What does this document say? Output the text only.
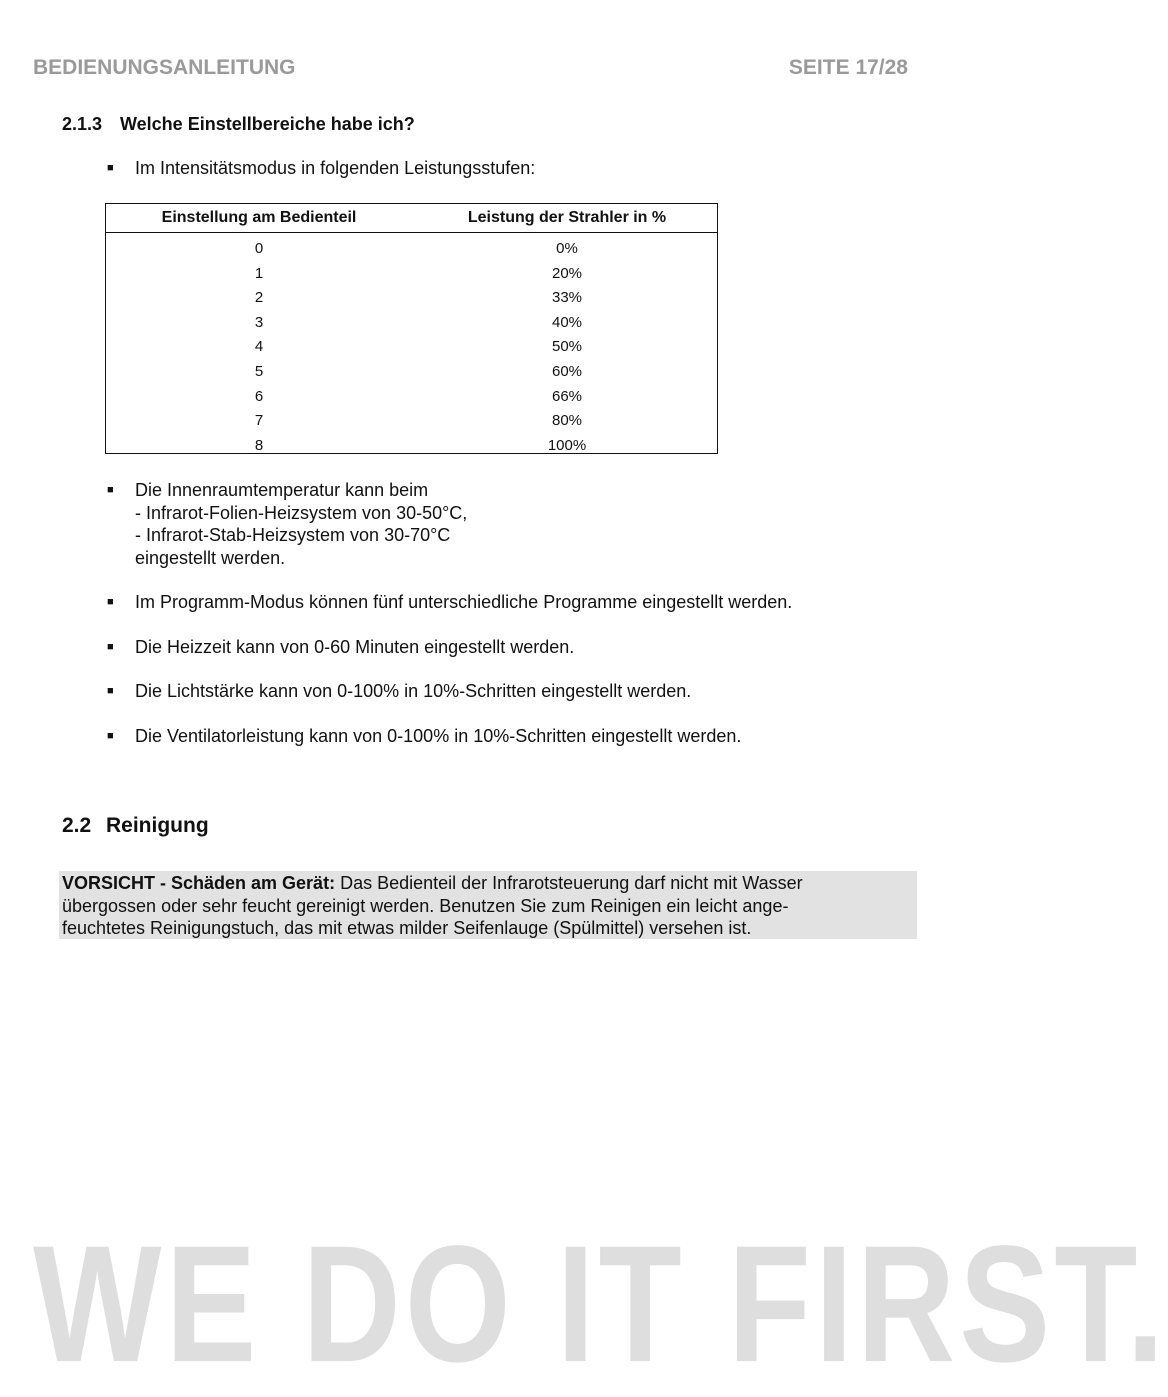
BEDIENUNGSANLEITUNG	SEITE 17/28
2.1.3 Welche Einstellbereiche habe ich?
■ Im Intensitätsmodus in folgenden Leistungsstufen:
Einstellung am Bedienteil	Leistung der Strahler in %
0	0%
1	20%
2	33%
3	40%
4	50%
5	60%
6	66%
7	80%
8	100%
■ Die Innenraumtemperatur kann beim
- Infrarot-Folien-Heizsystem von 30-50°C,
- Infrarot-Stab-Heizsystem von 30-70°C
eingestellt werden.
■ Im Programm-Modus können fünf unterschiedliche Programme eingestellt werden.
■ Die Heizzeit kann von 0-60 Minuten eingestellt werden.
■ Die Lichtstärke kann von 0-100% in 10%-Schritten eingestellt werden.
■ Die Ventilatorleistung kann von 0-100% in 10%-Schritten eingestellt werden.
2.2 Reinigung

VORSICHT - Schäden am Gerät: Das Bedienteil der Infrarotsteuerung darf nicht mit Wasser

übergossen oder sehr feucht gereinigt werden. Benutzen Sie zum Reinigen ein leicht ange-

feuchtetes Reinigungstuch, das mit etwas milder Seifenlauge (Spülmittel) versehen ist.

WE DO IT FIRST.
